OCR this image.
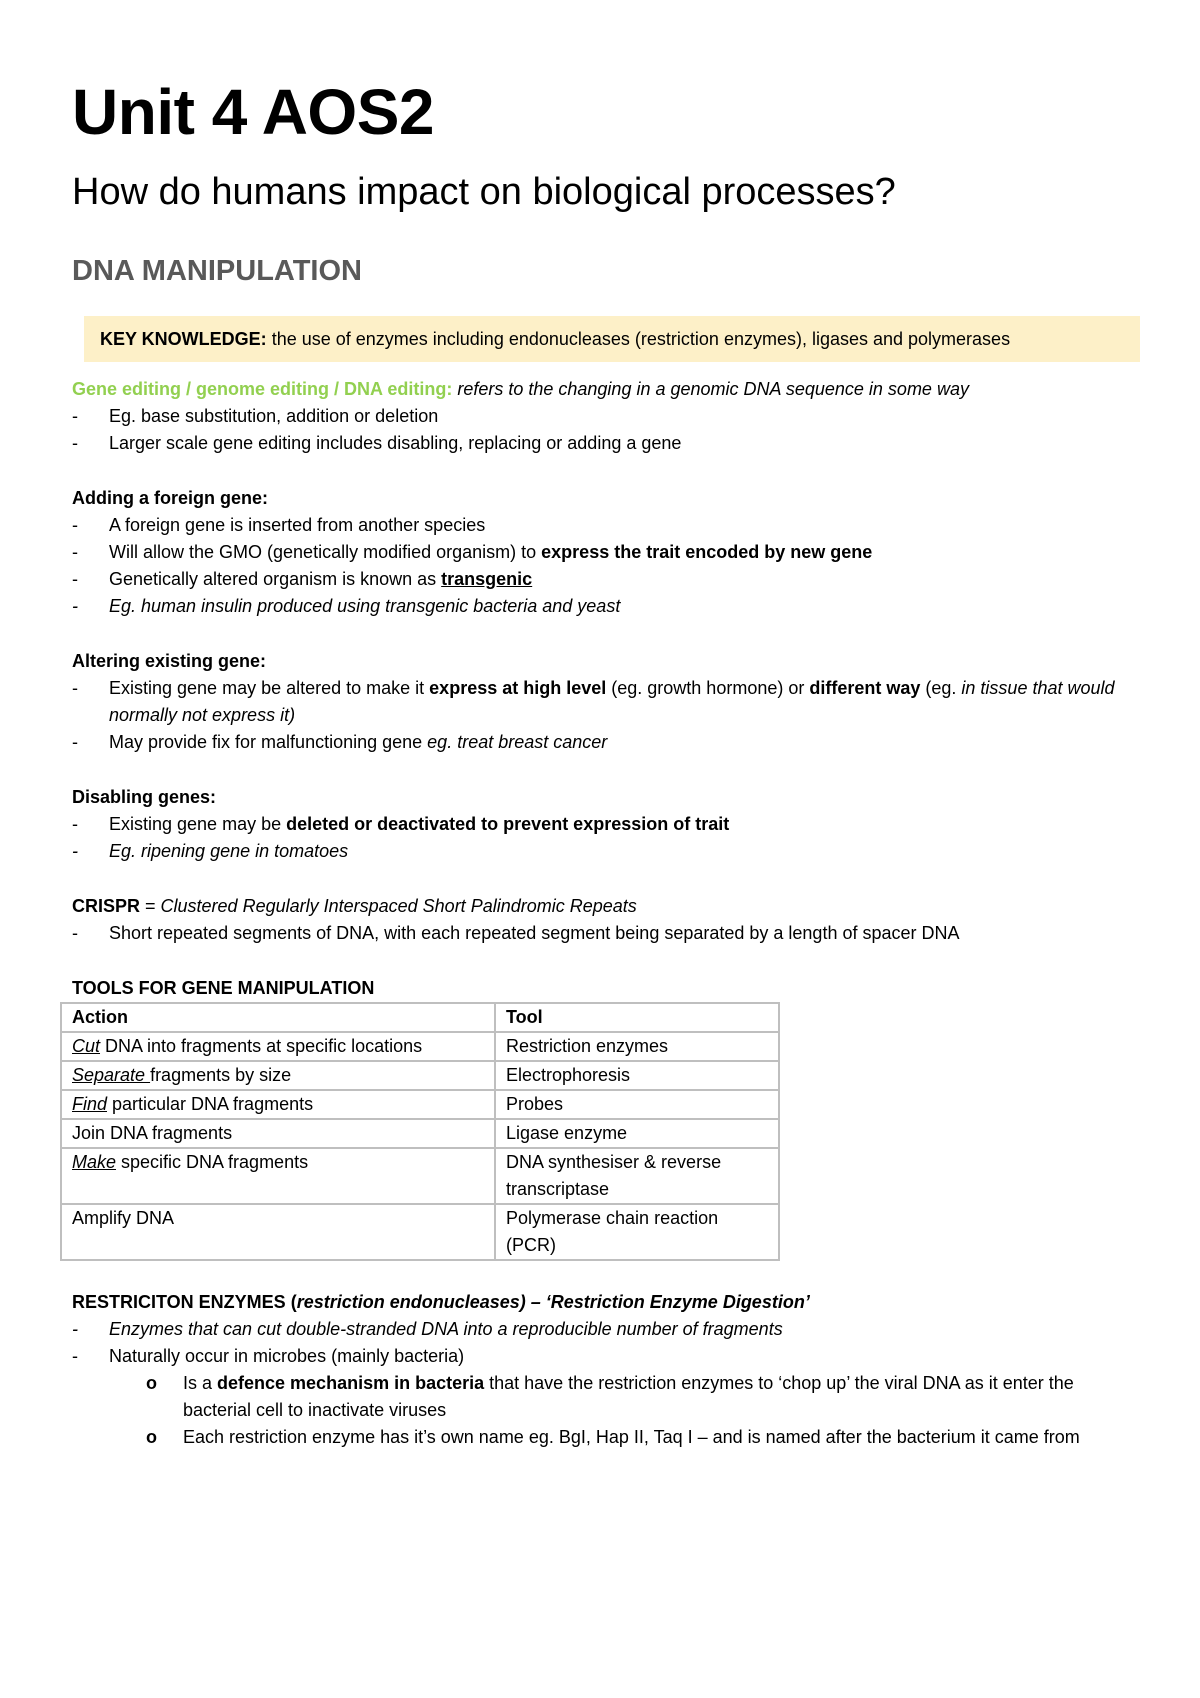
Unit 4 AOS2
How do humans impact on biological processes?
DNA MANIPULATION
KEY KNOWLEDGE: the use of enzymes including endonucleases (restriction enzymes), ligases and polymerases

Gene editing / genome editing / DNA editing: refers to the changing in a genomic DNA sequence in some way

- Eg. base substitution, addition or deletion
- Larger scale gene editing includes disabling, replacing or adding a gene

Adding a foreign gene:

- A foreign gene is inserted from another species
- Will allow the GMO (genetically modified organism) to express the trait encoded by new gene
- Genetically altered organism is known as transgenic
- Eg. human insulin produced using transgenic bacteria and yeast

Altering existing gene:

- Existing gene may be altered to make it express at high level (eg. growth hormone) or different way (eg. in tissue that would normally not express it)
- May provide fix for malfunctioning gene eg. treat breast cancer

Disabling genes:

- Existing gene may be deleted or deactivated to prevent expression of trait
- Eg. ripening gene in tomatoes

CRISPR = Clustered Regularly Interspaced Short Palindromic Repeats

- Short repeated segments of DNA, with each repeated segment being separated by a length of spacer DNA

TOOLS FOR GENE MANIPULATION

Action	Tool
Cut DNA into fragments at specific locations	Restriction enzymes
Separate fragments by size	Electrophoresis
Find particular DNA fragments	Probes
Join DNA fragments	Ligase enzyme
Make specific DNA fragments	DNA synthesiser & reverse transcriptase
Amplify DNA	Polymerase chain reaction (PCR)

RESTRICITON ENZYMES (restriction endonucleases) – ‘Restriction Enzyme Digestion’

- Enzymes that can cut double-stranded DNA into a reproducible number of fragments
- Naturally occur in microbes (mainly bacteria)
o Is a defence mechanism in bacteria that have the restriction enzymes to ‘chop up’ the viral DNA as it enter the bacterial cell to inactivate viruses
o Each restriction enzyme has it’s own name eg. BgI, Hap II, Taq I – and is named after the bacterium it came from
